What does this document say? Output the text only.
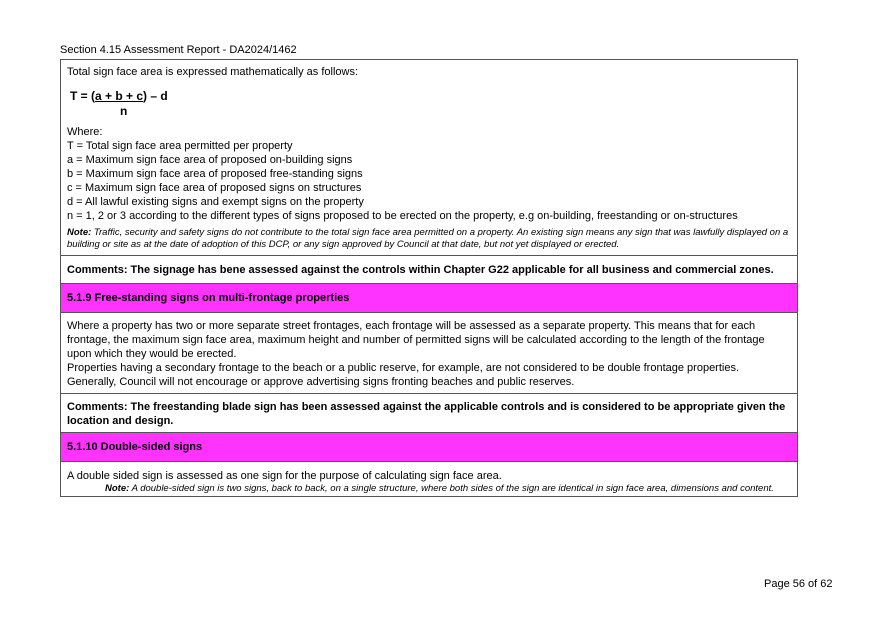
Section 4.15 Assessment Report - DA2024/1462

Total sign face area is expressed mathematically as follows:

T = (a + b + c) – d
n

Where:

T = Total sign face area permitted per property

a = Maximum sign face area of proposed on-building signs

b = Maximum sign face area of proposed free-standing signs

c = Maximum sign face area of proposed signs on structures

d = All lawful existing signs and exempt signs on the property

n = 1, 2 or 3 according to the different types of signs proposed to be erected on the property, e.g on-building, freestanding or on-structures

Note: Traffic, security and safety signs do not contribute to the total sign face area permitted on a property. An existing sign means any sign that was lawfully displayed on a building or site as at the date of adoption of this DCP, or any sign approved by Council at that date, but not yet displayed or erected.

Comments: The signage has bene assessed against the controls within Chapter G22 applicable for all business and commercial zones.
5.1.9 Free-standing signs on multi-frontage properties

Where a property has two or more separate street frontages, each frontage will be assessed as a separate property. This means that for each frontage, the maximum sign face area, maximum height and number of permitted signs will be calculated according to the length of the frontage upon which they would be erected.

Properties having a secondary frontage to the beach or a public reserve, for example, are not considered to be double frontage properties. Generally, Council will not encourage or approve advertising signs fronting beaches and public reserves.

Comments: The freestanding blade sign has been assessed against the applicable controls and is considered to be appropriate given the location and design.
5.1.10 Double-sided signs

A double sided sign is assessed as one sign for the purpose of calculating sign face area.

Note: A double-sided sign is two signs, back to back, on a single structure, where both sides of the sign are identical in sign face area, dimensions and content.

Page 56 of 62
